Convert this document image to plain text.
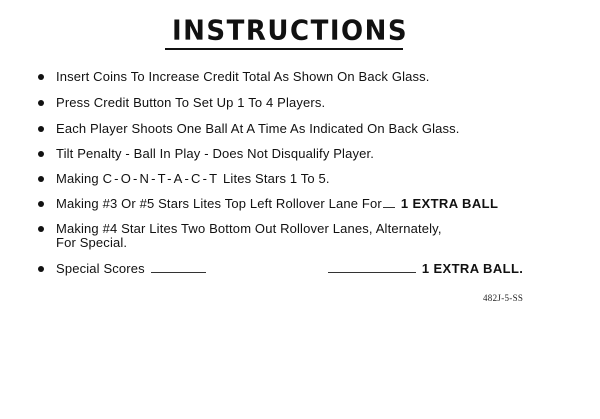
INSTRUCTIONS
Insert Coins To Increase Credit Total As Shown On Back Glass.
Press Credit Button To Set Up 1 To 4 Players.
Each Player Shoots One Ball At A Time As Indicated On Back Glass.
Tilt Penalty - Ball In Play - Does Not Disqualify Player.
Making C-O-N-T-A-C-T Lites Stars 1 To 5.
Making #3 Or #5 Stars Lites Top Left Rollover Lane For 1 EXTRA BALL
Making #4 Star Lites Two Bottom Out Rollover Lanes, Alternately,
For Special.
Special Scores	1 EXTRA BALL.
482J-5-SS
